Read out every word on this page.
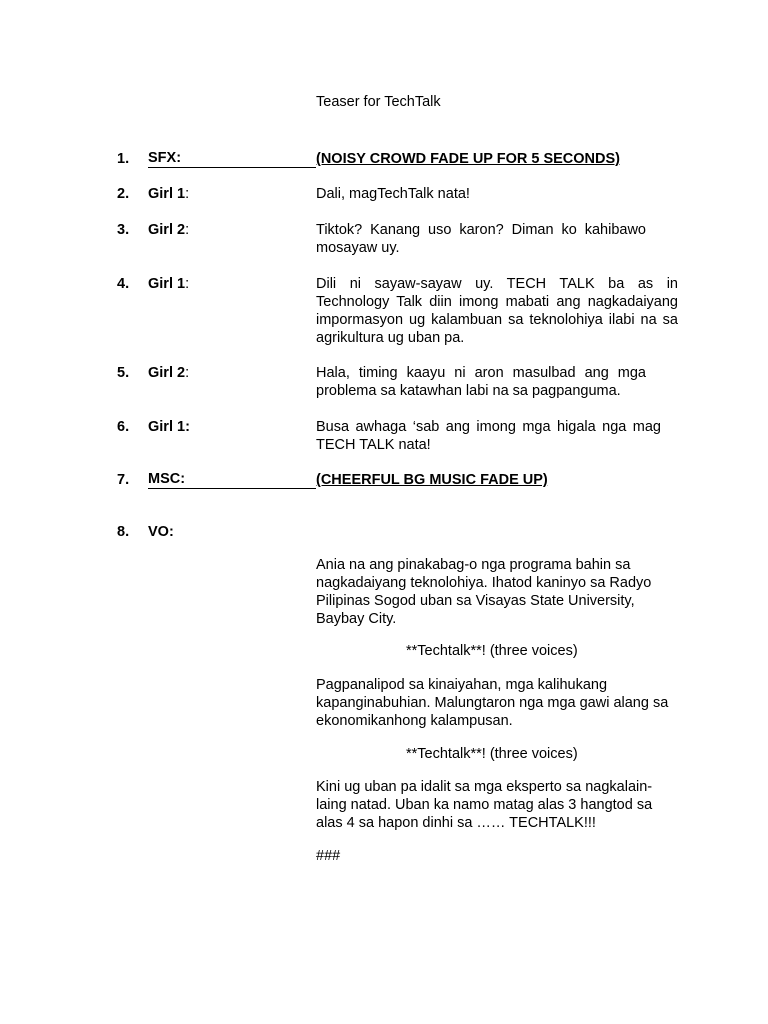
Teaser for TechTalk
1. SFX:	(NOISY CROWD FADE UP FOR 5 SECONDS)
2. Girl 1:	Dali, magTechTalk nata!
3. Girl 2:	Tiktok? Kanang uso karon? Diman ko kahibawo mosayaw uy.
4. Girl 1:	Dili ni sayaw-sayaw uy. TECH TALK ba as in Technology Talk diin imong mabati ang nagkadaiyang impormasyon ug kalambuan sa teknolohiya ilabi na sa agrikultura ug uban pa.
5. Girl 2:	Hala, timing kaayu ni aron masulbad ang mga problema sa katawhan labi na sa pagpanguma.
6. Girl 1:	Busa awhaga ‘sab ang imong mga higala nga mag TECH TALK nata!
7. MSC:	(CHEERFUL BG MUSIC FADE UP)
8. VO:
Ania na ang pinakabag-o nga programa bahin sa nagkadaiyang teknolohiya. Ihatod kaninyo sa Radyo Pilipinas Sogod uban sa Visayas State University, Baybay City.
**Techtalk**! (three voices)
Pagpanalipod sa kinaiyahan, mga kalihukang kapanginabuhian. Malungtaron nga mga gawi alang sa ekonomikanhong kalampusan.
**Techtalk**! (three voices)
Kini ug uban pa idalit sa mga eksperto sa nagkalain-laing natad. Uban ka namo matag alas 3 hangtod sa alas 4 sa hapon dinhi sa …… TECHTALK!!!
###
